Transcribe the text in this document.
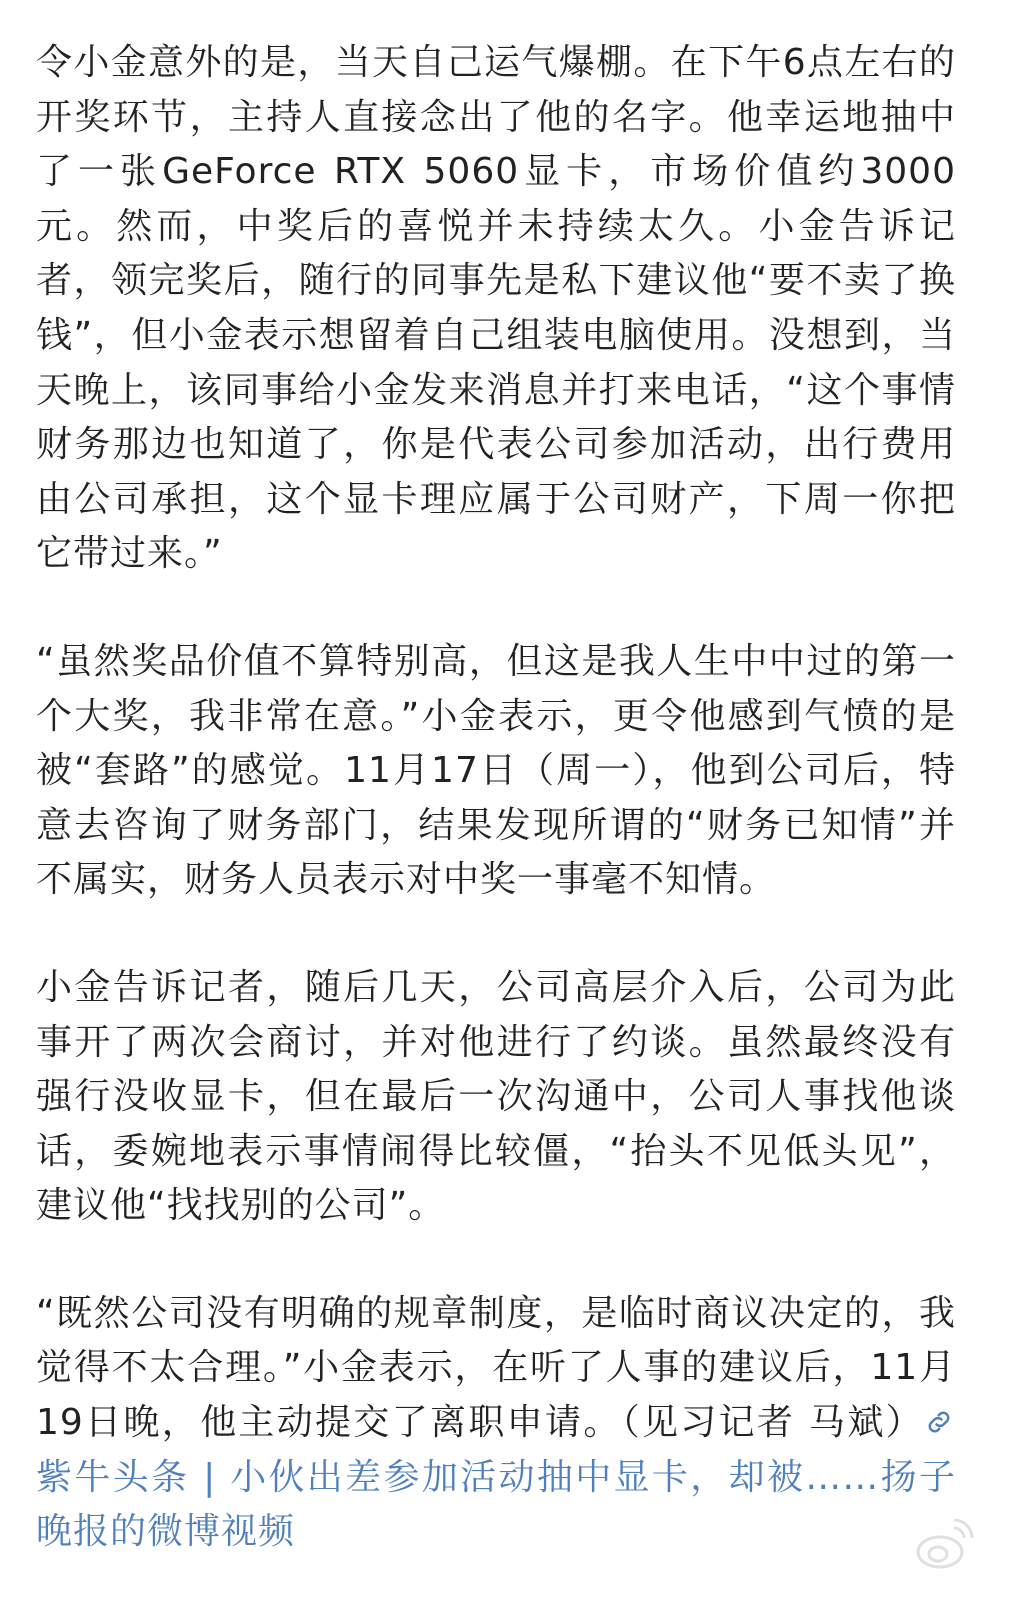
令小金意外的是，当天自己运气爆棚。在下午6点左右的开奖环节，主持人直接念出了他的名字。他幸运地抽中了一张GeForce RTX 5060显卡，市场价值约3000元。然而，中奖后的喜悦并未持续太久。小金告诉记者，领完奖后，随行的同事先是私下建议他“要不卖了换钱”，但小金表示想留着自己组装电脑使用。没想到，当天晚上，该同事给小金发来消息并打来电话，“这个事情财务那边也知道了，你是代表公司参加活动，出行费用由公司承担，这个显卡理应属于公司财产，下周一你把它带过来。”

“虽然奖品价值不算特别高，但这是我人生中中过的第一个大奖，我非常在意。”小金表示，更令他感到气愤的是被“套路”的感觉。11月17日（周一），他到公司后，特意去咨询了财务部门，结果发现所谓的“财务已知情”并不属实，财务人员表示对中奖一事毫不知情。

小金告诉记者，随后几天，公司高层介入后，公司为此事开了两次会商讨，并对他进行了约谈。虽然最终没有强行没收显卡，但在最后一次沟通中，公司人事找他谈话，委婉地表示事情闹得比较僵，“抬头不见低头见”，建议他“找找别的公司”。

“既然公司没有明确的规章制度，是临时商议决定的，我觉得不太合理。”小金表示，在听了人事的建议后，11月19日晚，他主动提交了离职申请。（见习记者 马斌）
紫牛头条 | 小伙出差参加活动抽中显卡，却被……扬子晚报的微博视频
